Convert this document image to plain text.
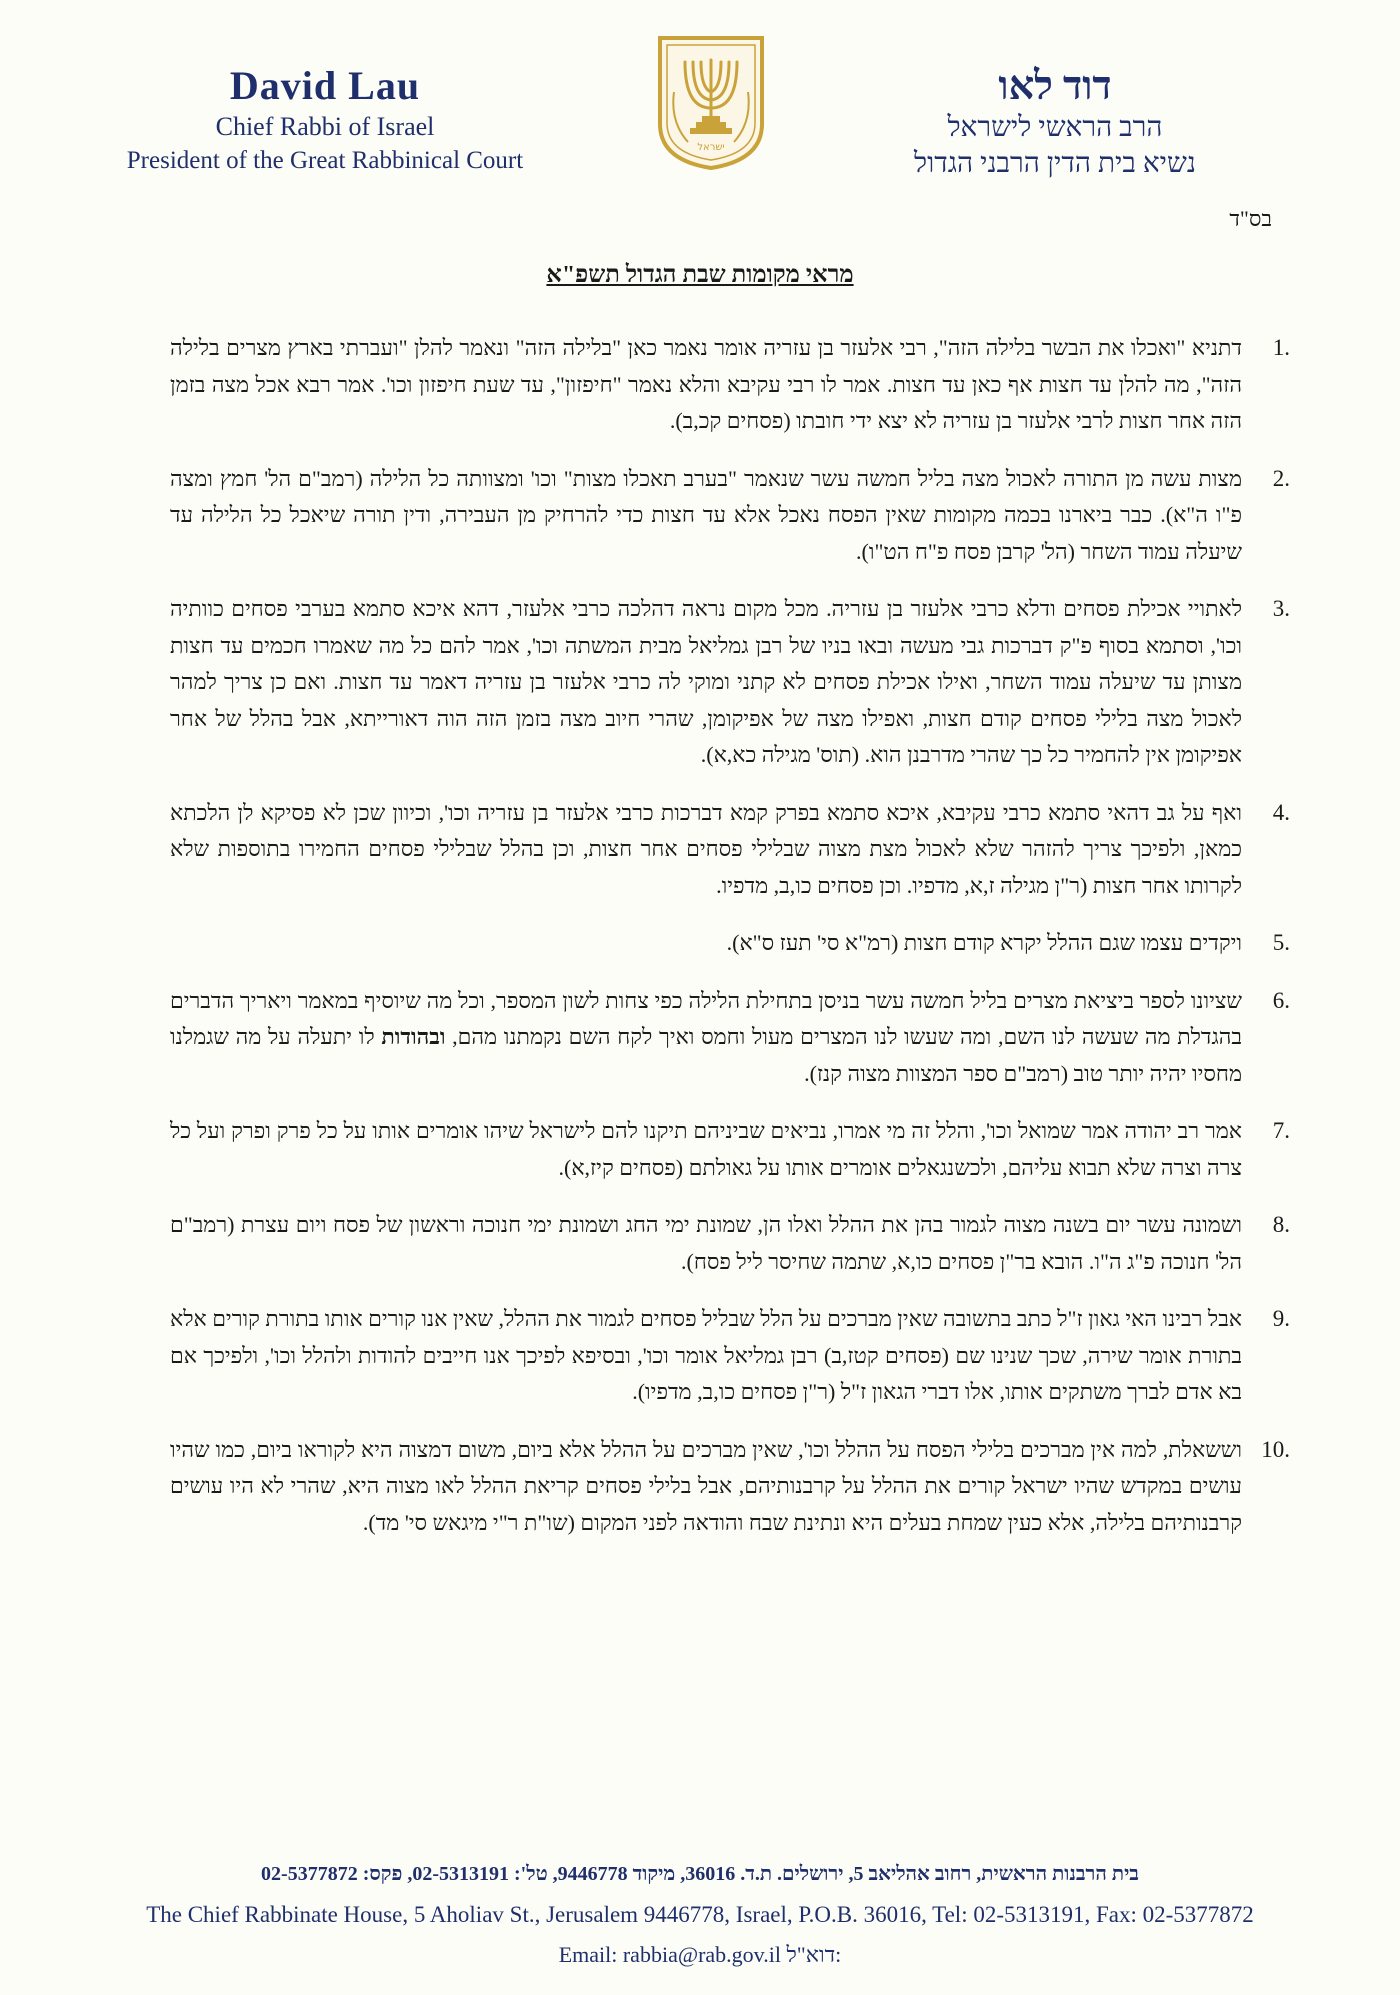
David Lau
Chief Rabbi of Israel
President of the Great Rabbinical Court	ישראל
דוד לאו
הרב הראשי לישראל
נשיא בית הדין הרבני הגדול
בס"ד
מראי מקומות שבת הגדול תשפ"א
1.
דתניא "ואכלו את הבשר בלילה הזה", רבי אלעזר בן עזריה אומר נאמר כאן "בלילה הזה" ונאמר להלן "ועברתי בארץ מצרים בלילה הזה", מה להלן עד חצות אף כאן עד חצות. אמר לו רבי עקיבא והלא נאמר "חיפזון", עד שעת חיפזון וכו'. אמר רבא אכל מצה בזמן הזה אחר חצות לרבי אלעזר בן עזריה לא יצא ידי חובתו (פסחים קכ,ב).
2.
מצות עשה מן התורה לאכול מצה בליל חמשה עשר שנאמר "בערב תאכלו מצות" וכו' ומצוותה כל הלילה (רמב"ם הל' חמץ ומצה פ"ו ה"א). כבר ביארנו בכמה מקומות שאין הפסח נאכל אלא עד חצות כדי להרחיק מן העבירה, ודין תורה שיאכל כל הלילה עד שיעלה עמוד השחר (הל' קרבן פסח פ"ח הט"ו).
3.
לאתויי אכילת פסחים ודלא כרבי אלעזר בן עזריה. מכל מקום נראה דהלכה כרבי אלעזר, דהא איכא סתמא בערבי פסחים כוותיה וכו', וסתמא בסוף פ"ק דברכות גבי מעשה ובאו בניו של רבן גמליאל מבית המשתה וכו', אמר להם כל מה שאמרו חכמים עד חצות מצותן עד שיעלה עמוד השחר, ואילו אכילת פסחים לא קתני ומוקי לה כרבי אלעזר בן עזריה דאמר עד חצות. ואם כן צריך למהר לאכול מצה בלילי פסחים קודם חצות, ואפילו מצה של אפיקומן, שהרי חיוב מצה בזמן הזה הוה דאורייתא, אבל בהלל של אחר אפיקומן אין להחמיר כל כך שהרי מדרבנן הוא. (תוס' מגילה כא,א).
4.
ואף על גב דהאי סתמא כרבי עקיבא, איכא סתמא בפרק קמא דברכות כרבי אלעזר בן עזריה וכו', וכיוון שכן לא פסיקא לן הלכתא כמאן, ולפיכך צריך להזהר שלא לאכול מצת מצוה שבלילי פסחים אחר חצות, וכן בהלל שבלילי פסחים החמירו בתוספות שלא לקרותו אחר חצות (ר"ן מגילה ז,א, מדפיו. וכן פסחים כו,ב, מדפיו.
5.
ויקדים עצמו שגם ההלל יקרא קודם חצות (רמ"א סי' תעז ס"א).
6.
שציונו לספר ביציאת מצרים בליל חמשה עשר בניסן בתחילת הלילה כפי צחות לשון המספר, וכל מה שיוסיף במאמר ויאריך הדברים בהגדלת מה שעשה לנו השם, ומה שעשו לנו המצרים מעול וחמס ואיך לקח השם נקמתנו מהם, ובהודות לו יתעלה על מה שגמלנו מחסיו יהיה יותר טוב (רמב"ם ספר המצוות מצוה קנז).
7.
אמר רב יהודה אמר שמואל וכו', והלל זה מי אמרו, נביאים שביניהם תיקנו להם לישראל שיהו אומרים אותו על כל פרק ופרק ועל כל צרה וצרה שלא תבוא עליהם, ולכשנגאלים אומרים אותו על גאולתם (פסחים קיז,א).
8.
ושמונה עשר יום בשנה מצוה לגמור בהן את ההלל ואלו הן, שמונת ימי החג ושמונת ימי חנוכה וראשון של פסח ויום עצרת (רמב"ם הל' חנוכה פ"ג ה"ו. הובא בר"ן פסחים כו,א, שתמה שחיסר ליל פסח).
9.
אבל רבינו האי גאון ז"ל כתב בתשובה שאין מברכים על הלל שבליל פסחים לגמור את ההלל, שאין אנו קורים אותו בתורת קורים אלא בתורת אומר שירה, שכך שנינו שם (פסחים קטז,ב) רבן גמליאל אומר וכו', ובסיפא לפיכך אנו חייבים להודות ולהלל וכו', ולפיכך אם בא אדם לברך משתקים אותו, אלו דברי הגאון ז"ל (ר"ן פסחים כו,ב, מדפיו).
10.
וששאלת, למה אין מברכים בלילי הפסח על ההלל וכו', שאין מברכים על ההלל אלא ביום, משום דמצוה היא לקוראו ביום, כמו שהיו עושים במקדש שהיו ישראל קורים את ההלל על קרבנותיהם, אבל בלילי פסחים קריאת ההלל לאו מצוה היא, שהרי לא היו עושים קרבנותיהם בלילה, אלא כעין שמחת בעלים היא ונתינת שבח והודאה לפני המקום (שו"ת ר"י מיגאש סי' מד).
בית הרבנות הראשית, רחוב אהליאב 5, ירושלים. ת.ד. 36016, מיקוד 9446778, טל': 02-5313191, פקס: 02-5377872
The Chief Rabbinate House, 5 Aholiav St., Jerusalem 9446778, Israel, P.O.B. 36016, Tel: 02-5313191, Fax: 02-5377872
Email: rabbia@rab.gov.il דוא"ל:
